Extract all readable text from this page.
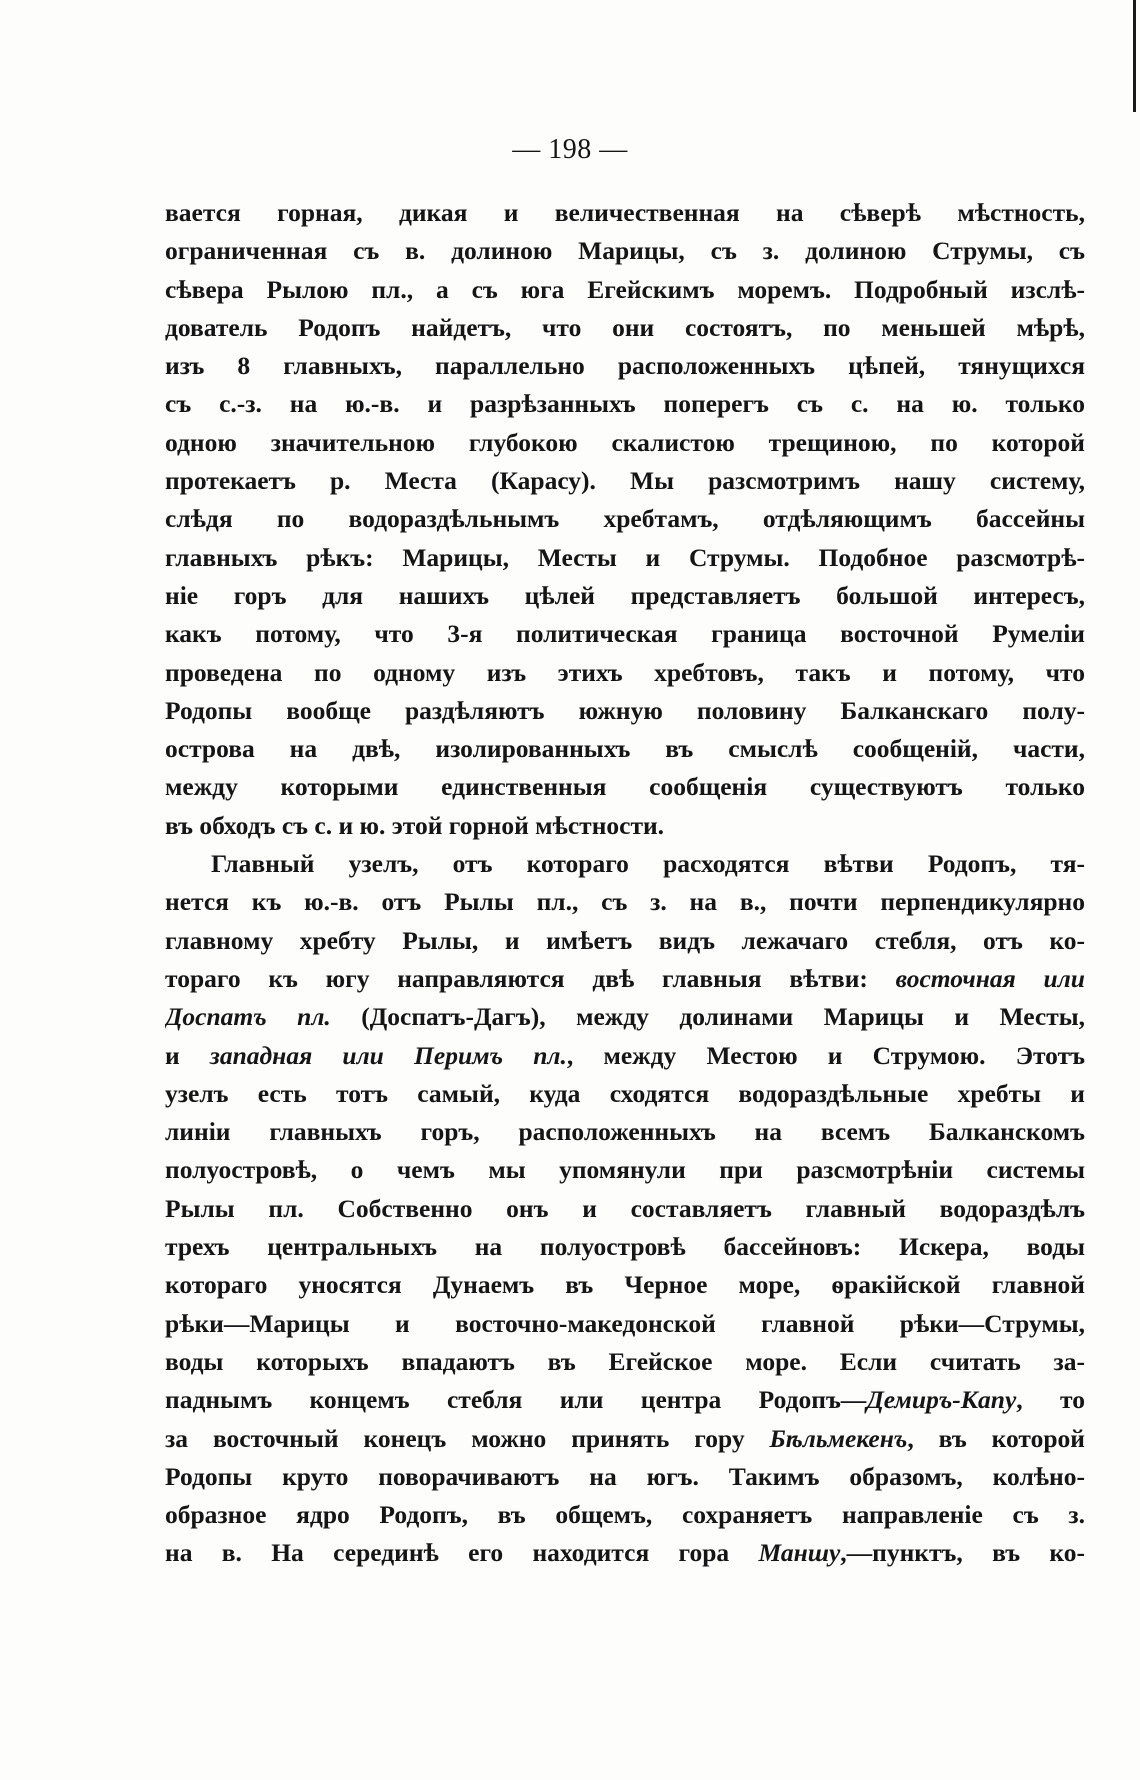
— 198 —
вается горная, дикая и величественная на сѣверѣ мѣстность,
ограниченная съ в. долиною Марицы, съ з. долиною Струмы, съ
сѣвера Рылою пл., а съ юга Егейскимъ моремъ. Подробный изслѣ-
дователь Родопъ найдетъ, что они состоятъ, по меньшей мѣрѣ,
изъ 8 главныхъ, параллельно расположенныхъ цѣпей, тянущихся
съ с.-з. на ю.-в. и разрѣзанныхъ поперегъ съ с. на ю. только
одною значительною глубокою скалистою трещиною, по которой
протекаетъ р. Места (Карасу). Мы разсмотримъ нашу систему,
слѣдя по водораздѣльнымъ хребтамъ, отдѣляющимъ бассейны
главныхъ рѣкъ: Марицы, Месты и Струмы. Подобное разсмотрѣ-
ніе горъ для нашихъ цѣлей представляетъ большой интересъ,
какъ потому, что 3-я политическая граница восточной Румеліи
проведена по одному изъ этихъ хребтовъ, такъ и потому, что
Родопы вообще раздѣляютъ южную половину Балканскаго полу-
острова на двѣ, изолированныхъ въ смыслѣ сообщеній, части,
между которыми единственныя сообщенія существуютъ только
въ обходъ съ с. и ю. этой горной мѣстности.
Главный узелъ, отъ котораго расходятся вѣтви Родопъ, тя-
нется къ ю.-в. отъ Рылы пл., съ з. на в., почти перпендикулярно
главному хребту Рылы, и имѣетъ видъ лежачаго стебля, отъ ко-
тораго къ югу направляются двѣ главныя вѣтви: восточная или
Доспатъ пл. (Доспатъ-Дагъ), между долинами Марицы и Месты,
и западная или Перимъ пл., между Местою и Струмою. Этотъ
узелъ есть тотъ самый, куда сходятся водораздѣльные хребты и
линіи главныхъ горъ, расположенныхъ на всемъ Балканскомъ
полуостровѣ, о чемъ мы упомянули при разсмотрѣніи системы
Рылы пл. Собственно онъ и составляетъ главный водораздѣлъ
трехъ центральныхъ на полуостровѣ бассейновъ: Искера, воды
котораго уносятся Дунаемъ въ Черное море, ѳракійской главной
рѣки—Марицы и восточно-македонской главной рѣки—Струмы,
воды которыхъ впадаютъ въ Егейское море. Если считать за-
паднымъ концемъ стебля или центра Родопъ—Демиръ-Капу, то
за восточный конецъ можно принять гору Бѣльмекенъ, въ которой
Родопы круто поворачиваютъ на югъ. Такимъ образомъ, колѣно-
образное ядро Родопъ, въ общемъ, сохраняетъ направленіе съ з.
на в. На серединѣ его находится гора Маншу,—пунктъ, въ ко-
